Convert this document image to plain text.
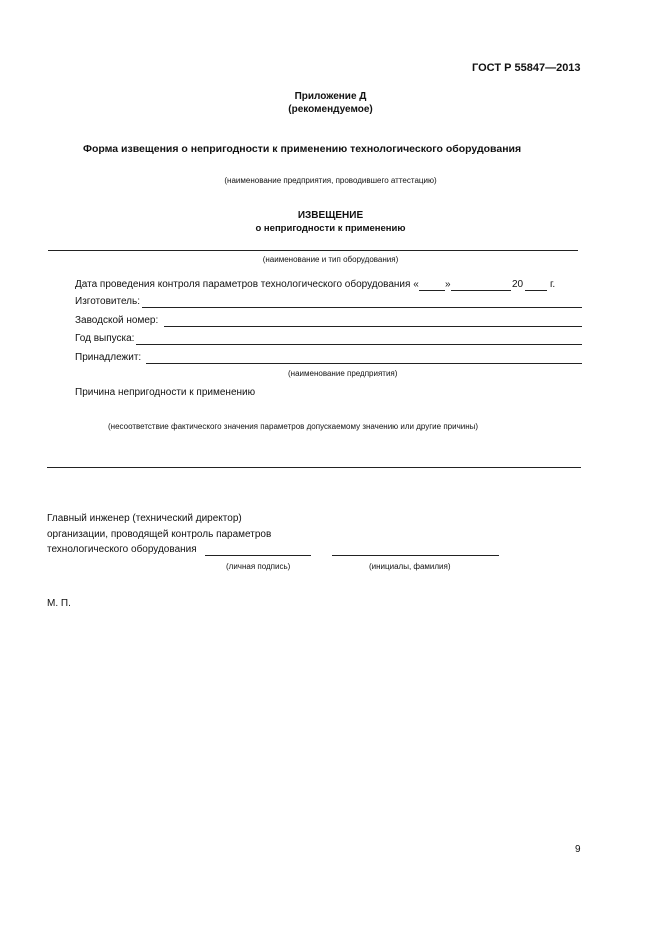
ГОСТ Р 55847—2013
Приложение Д
(рекомендуемое)
Форма извещения о непригодности к применению технологического оборудования
(наименование предприятия, проводившего аттестацию)
ИЗВЕЩЕНИЕ
о непригодности к применению
(наименование и тип оборудования)
Дата проведения контроля параметров технологического оборудования «	»	20	г.
Изготовитель:
Заводской номер:
Год выпуска:
Принадлежит:
(наименование предприятия)
Причина непригодности к применению
(несоответствие фактического значения параметров допускаемому значению или другие причины)
Главный инженер (технический директор)
организации, проводящей контроль параметров
технологического оборудования
(личная подпись)	(инициалы, фамилия)
М. П.
9
